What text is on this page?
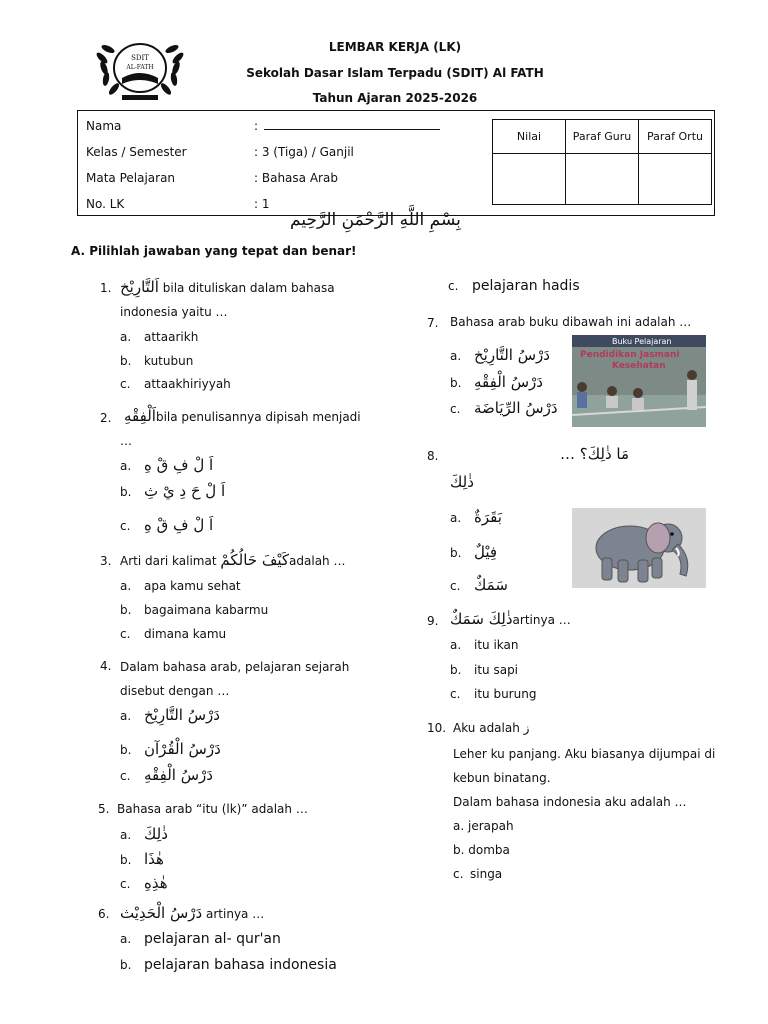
SDIT
AL-FATH
LEMBAR KERJA (LK)
Sekolah Dasar Islam Terpadu (SDIT) Al FATH
Tahun Ajaran 2025-2026
Nama	:
Kelas / Semester	: 3 (Tiga) / Ganjil
Mata Pelajaran	: Bahasa Arab
No. LK	: 1
Nilai	Paraf Guru	Paraf Ortu

بِسْمِ اللَّهِ الرَّحْمَنِ الرَّحِيم
A. Pilihlah jawaban yang tepat dan benar!
1. اَلتَّارِيْخ bila dituliskan dalam bahasa
indonesia yaitu …
a. attaarikh
b. kutubun
c. attaakhiriyyah
2. اَلْفِقْهِbila penulisannya dipisah menjadi
…
a. اَ لْ فِ قْ هِ
b. اَ لْ حَ دِ يْ ثِ
c. اَ لْ فِ قْ هِ
3. Arti dari kalimat كَيْفَ حَالُكُمْadalah …
a. apa kamu sehat
b. bagaimana kabarmu
c. dimana kamu
4. Dalam bahasa arab, pelajaran sejarah
disebut dengan …
a. دَرْسُ التَّارِيْخ
b. دَرْسُ الْقُرْآن
c. دَرْسُ الْفِقْهِ
5. Bahasa arab “itu (lk)” adalah …
a. ذٰلِكَ
b. هٰذَا
c. هٰذِهِ
6. دَرْسُ الْحَدِيْث artinya …
a. pelajaran al- qur'an
b. pelajaran bahasa indonesia
c. pelajaran hadis
7. Bahasa arab buku dibawah ini adalah …
a. دَرْسُ التَّارِيْخ
b. دَرْسُ الْفِقْهِ
c. دَرْسُ الرِّيَاضَة
Buku Pelajaran
Pendidikan Jasmani
Kesehatan
8.	مَا ذٰلِكَ؟ …
ذٰلِكَ
a. بَقَرَةٌ
b. فِيْلٌ
c. سَمَكٌ
9. ذٰلِكَ سَمَكٌartinya …
a. itu ikan
b. itu sapi
c. itu burung
10. Aku adalah ز
Leher ku panjang. Aku biasanya dijumpai di
kebun binatang.
Dalam bahasa indonesia aku adalah …
a. jerapah
b. domba
c. singa
